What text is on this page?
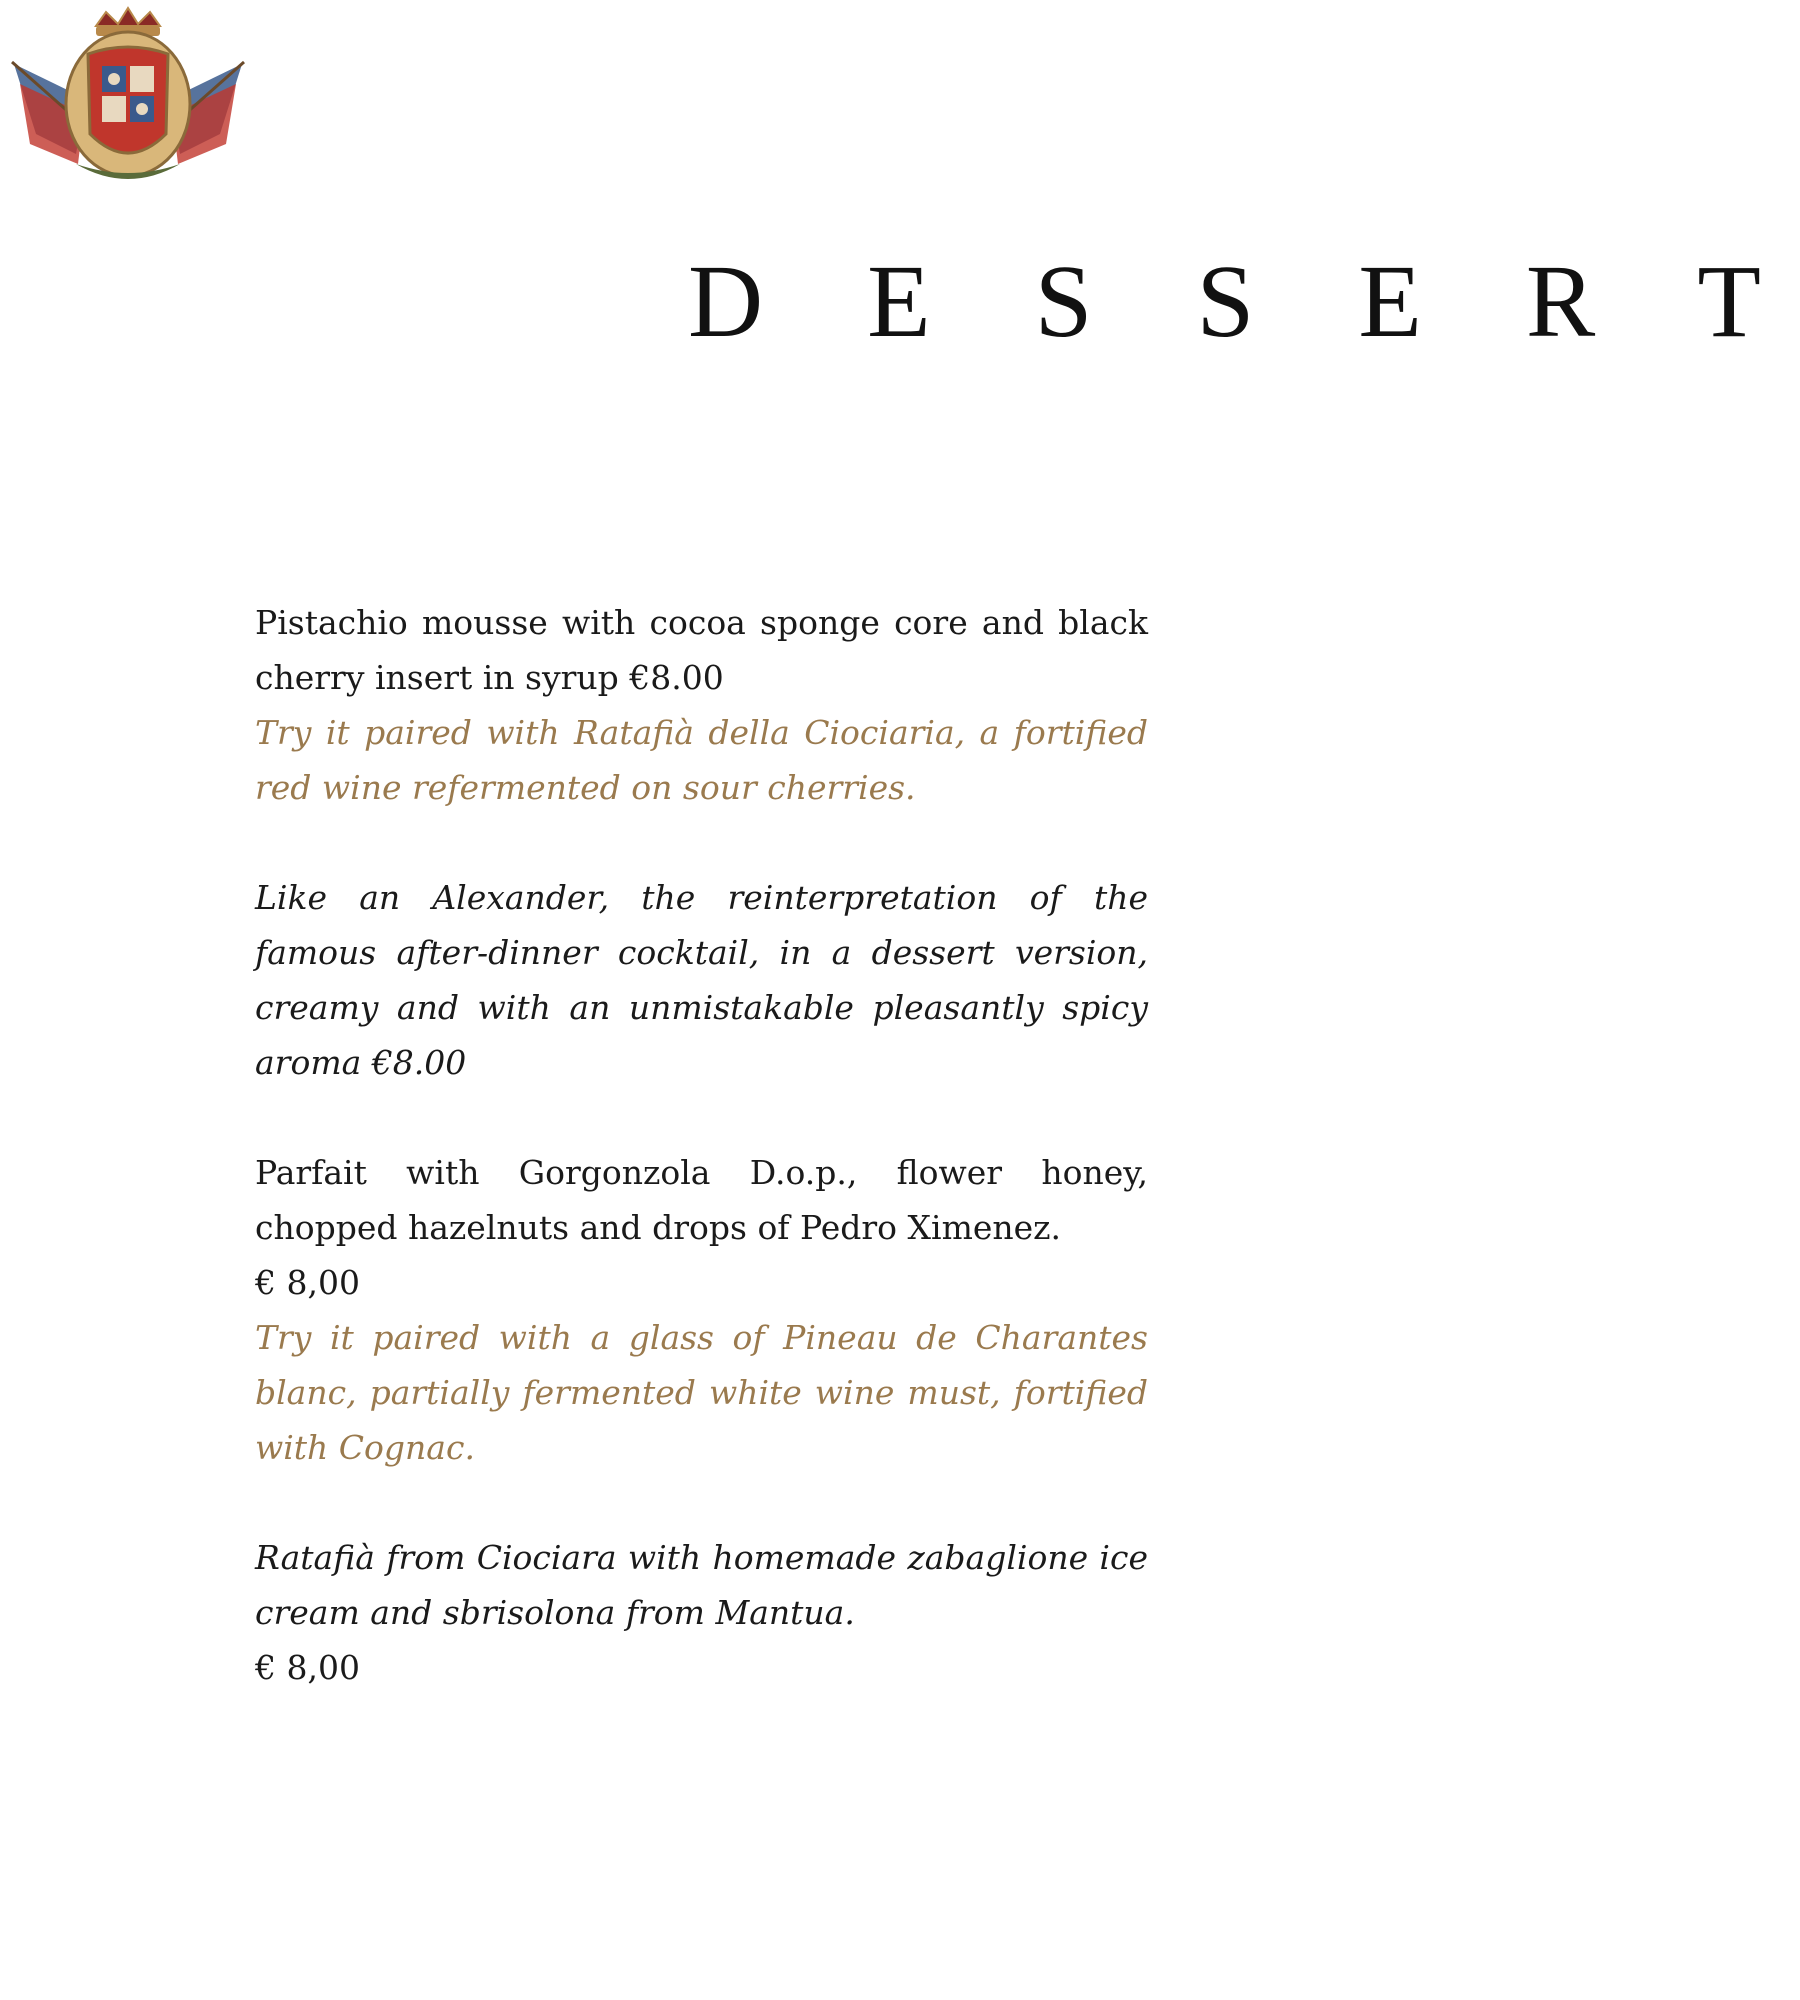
D E S S E R T

Pistachio mousse with cocoa sponge core and black cherry insert in syrup €8.00

Try it paired with Ratafià della Ciociaria, a fortified red wine refermented on sour cherries.

Like an Alexander, the reinterpretation of the famous after-dinner cocktail, in a dessert version, creamy and with an unmistakable pleasantly spicy aroma €8.00

Parfait with Gorgonzola D.o.p., flower honey, chopped hazelnuts and drops of Pedro Ximenez.

€ 8,00

Try it paired with a glass of Pineau de Charantes blanc, partially fermented white wine must, fortified with Cognac.

Ratafià from Ciociara with homemade zabaglione ice cream and sbrisolona from Mantua.

€ 8,00
